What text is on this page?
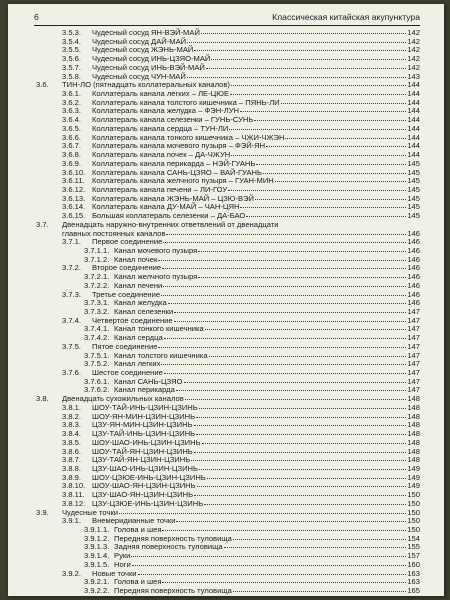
6	Классическая китайская акупунктура
3.5.3.	Чудесный сосуд ЯН-ВЭЙ-МАЙ	142
3.5.4.	Чудесный сосуд ДАЙ-МАЙ	142
3.5.5.	Чудесный сосуд ЖЭНЬ-МАЙ	142
3.5.6.	Чудесный сосуд ИНЬ-ЦЗЯО-МАЙ	142
3.5.7.	Чудесный сосуд ИНЬ-ВЭЙ-МАЙ	142
3.5.8.	Чудесный сосуд ЧУН-МАЙ	143
3.6.	ТИН-ЛО (пятнадцать коллатеральных каналов)	144
3.6.1.	Коллатераль канала легких – ЛЕ-ЦЮЕ	144
3.6.2.	Коллатераль канала толстого кишечника – ПЯНЬ-ЛИ	144
3.6.3.	Коллатераль канала желудка – ФЭН-ЛУН	144
3.6.4.	Коллатераль канала селезенки – ГУНЬ-СУНЬ	144
3.6.5.	Коллатераль канала сердца – ТУН-ЛИ	144
3.6.6.	Коллатераль канала тонкого кишечника – ЧЖИ-ЧЖЭН	144
3.6.7.	Коллатераль канала мочевого пузыря – ФЭЙ-ЯН	144
3.6.8.	Коллатераль канала почек – ДА-ЧЖУН	144
3.6.9.	Коллатераль канала перикарда – НЭЙ-ГУАНЬ	145
3.6.10. Коллатераль канала САНЬ-ЦЗЯО – ВАЙ-ГУАНЬ	145
3.6.11. Коллатераль канала желчного пузыря – ГУАН-МИН	145
3.6.12. Коллатераль канала печени – ЛИ-ГОУ	145
3.6.13. Коллатераль канала ЖЭНЬ-МАЙ – ЦЗЮ-ВЭЙ	145
3.6.14. Коллатераль канала ДУ-МАЙ – ЧАН-ЦЯН	145
3.6.15. Большая коллатераль селезенки – ДА-БАО	145
3.7.	Двенадцать наружно-внутренних ответвлений от двенадцати
главных постоянных каналов	146
3.7.1.	Первое соединение	146
3.7.1.1. Канал мочевого пузыря	146
3.7.1.2. Канал почек	146
3.7.2.	Второе соединение	146
3.7.2.1. Канал желчного пузыря	146
3.7.2.2. Канал печени	146
3.7.3.	Третье соединение	146
3.7.3.1. Канал желудка	146
3.7.3.2. Канал селезенки	147
3.7.4.	Четвертое соединение	147
3.7.4.1. Канал тонкого кишечника	147
3.7.4.2. Канал сердца	147
3.7.5.	Пятое соединение	147
3.7.5.1. Канал толстого кишечника	147
3.7.5.2. Канал легких	147
3.7.6.	Шестое соединение	147
3.7.6.1. Канал САНЬ-ЦЗЯО	147
3.7.6.2. Канал перикарда	147
3.8.	Двенадцать сухожильных каналов	148
3.8.1.	ШОУ-ТАЙ-ИНЬ-ЦЗИН-ЦЗИНЬ	148
3.8.2.	ШОУ-ЯН-МИН-ЦЗИН-ЦЗИНЬ	148
3.8.3.	ЦЗУ-ЯН-МИН-ЦЗИН-ЦЗИНЬ	148
3.8.4.	ЦЗУ-ТАЙ-ИНЬ-ЦЗИН-ЦЗИНЬ	148
3.8.5.	ШОУ-ШАО-ИНЬ-ЦЗИН-ЦЗИНЬ	148
3.8.6.	ШОУ-ТАЙ-ЯН-ЦЗИН-ЦЗИНЬ	148
3.8.7.	ЦЗУ-ТАЙ-ЯН-ЦЗИН-ЦЗИНЬ	148
3.8.8.	ЦЗУ-ШАО-ИНЬ-ЦЗИН-ЦЗИНЬ	149
3.8.9.	ШОУ-ЦЗЮЕ-ИНЬ-ЦЗИН-ЦЗИНЬ	149
3.8.10. ШОУ-ШАО-ЯН-ЦЗИН-ЦЗИНЬ	149
3.8.11. ЦЗУ-ШАО-ЯН-ЦЗИН-ЦЗИНЬ	150
3.8.12. ЦЗУ-ЦЗЮЕ-ИНЬ-ЦЗИН-ЦЗИНЬ	150
3.9.	Чудесные точки	150
3.9.1.	Внемеридианные точки	150
3.9.1.1. Голова и шея	150
3.9.1.2. Передняя поверхность туловища	154
3.9.1.3. Задняя поверхность туловища	155
3.9.1.4. Руки	157
3.9.1.5. Ноги	160
3.9.2.	Новые точки	163
3.9.2.1. Голова и шея	163
3.9.2.2. Передняя поверхность туловища	165
